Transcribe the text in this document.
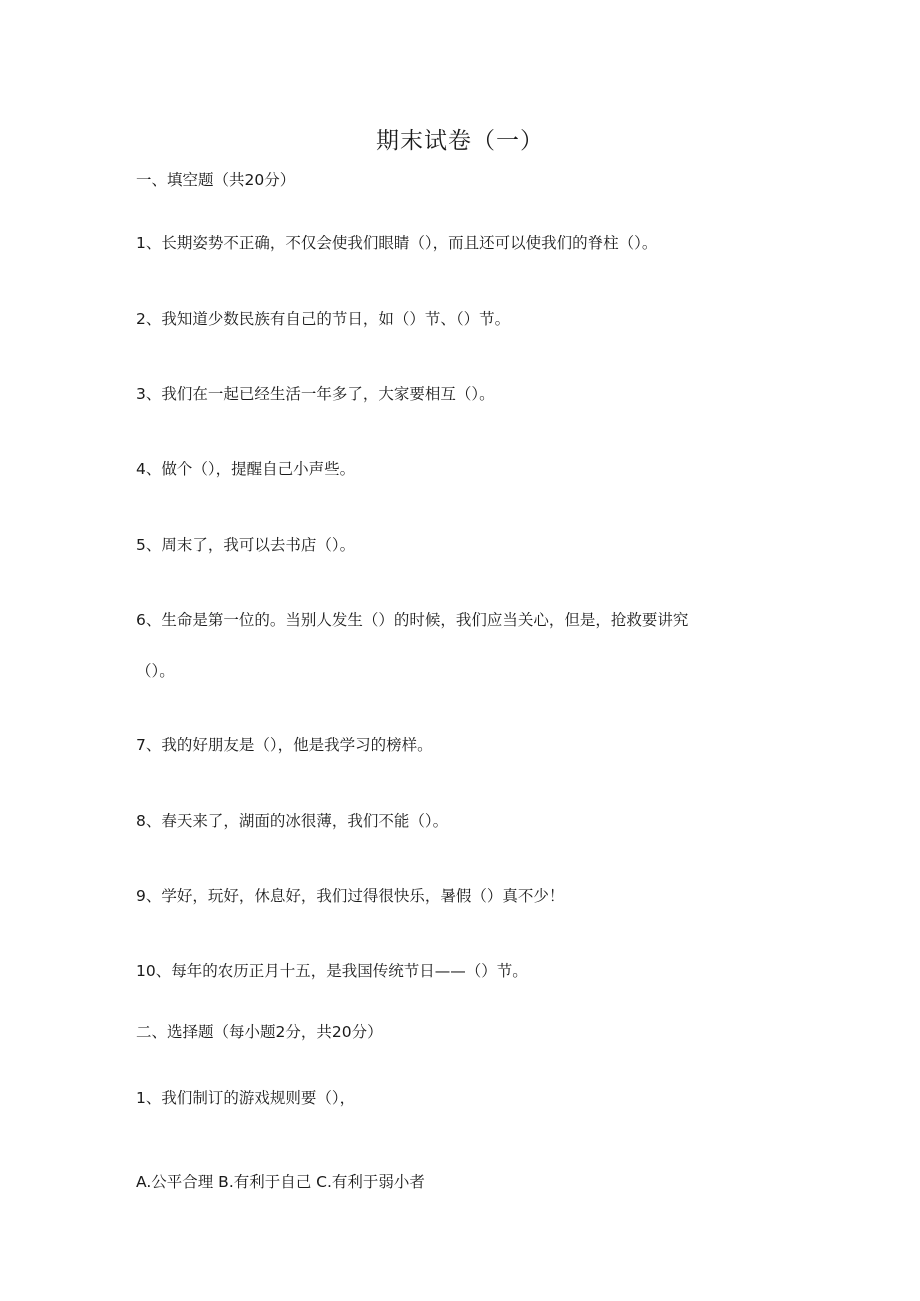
期末试卷（一）
一、填空题（共20分）
1、长期姿势不正确，不仅会使我们眼睛（），而且还可以使我们的脊柱（）。
2、我知道少数民族有自己的节日，如（）节、（）节。
3、我们在一起已经生活一年多了，大家要相互（）。
4、做个（），提醒自己小声些。
5、周末了，我可以去书店（）。
6、生命是第一位的。当别人发生（）的时候，我们应当关心，但是，抢救要讲究
（）。
7、我的好朋友是（），他是我学习的榜样。
8、春天来了，湖面的冰很薄，我们不能（）。
9、学好，玩好，休息好，我们过得很快乐，暑假（）真不少！
10、每年的农历正月十五，是我国传统节日——（）节。
二、选择题（每小题2分，共20分）
1、我们制订的游戏规则要（），
A.公平合理 B.有利于自己 C.有利于弱小者
